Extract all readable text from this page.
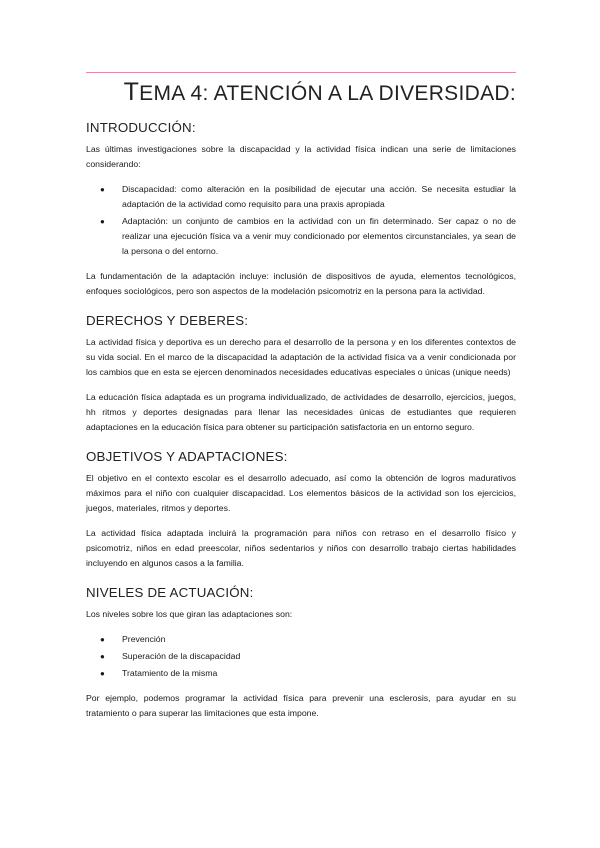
TEMA 4: ATENCIÓN A LA DIVERSIDAD:
INTRODUCCIÓN:

Las últimas investigaciones sobre la discapacidad y la actividad física indican una serie de limitaciones considerando:

● Discapacidad: como alteración en la posibilidad de ejecutar una acción. Se necesita estudiar la adaptación de la actividad como requisito para una praxis apropiada
● Adaptación: un conjunto de cambios en la actividad con un fin determinado. Ser capaz o no de realizar una ejecución física va a venir muy condicionado por elementos circunstanciales, ya sean de la persona o del entorno.

La fundamentación de la adaptación incluye: inclusión de dispositivos de ayuda, elementos tecnológicos, enfoques sociológicos, pero son aspectos de la modelación psicomotriz en la persona para la actividad.

DERECHOS Y DEBERES:

La actividad física y deportiva es un derecho para el desarrollo de la persona y en los diferentes contextos de su vida social. En el marco de la discapacidad la adaptación de la actividad física va a venir condicionada por los cambios que en esta se ejercen denominados necesidades educativas especiales o únicas (unique needs)

La educación física adaptada es un programa individualizado, de actividades de desarrollo, ejercicios, juegos, hh ritmos y deportes designadas para llenar las necesidades únicas de estudiantes que requieren adaptaciones en la educación física para obtener su participación satisfactoria en un entorno seguro.

OBJETIVOS Y ADAPTACIONES:

El objetivo en el contexto escolar es el desarrollo adecuado, así como la obtención de logros madurativos máximos para el niño con cualquier discapacidad. Los elementos básicos de la actividad son los ejercicios, juegos, materiales, ritmos y deportes.

La actividad física adaptada incluirá la programación para niños con retraso en el desarrollo físico y psicomotriz, niños en edad preescolar, niños sedentarios y niños con desarrollo trabajo ciertas habilidades incluyendo en algunos casos a la familia.

NIVELES DE ACTUACIÓN:

Los niveles sobre los que giran las adaptaciones son:

● Prevención
● Superación de la discapacidad
● Tratamiento de la misma

Por ejemplo, podemos programar la actividad física para prevenir una esclerosis, para ayudar en su tratamiento o para superar las limitaciones que esta impone.
